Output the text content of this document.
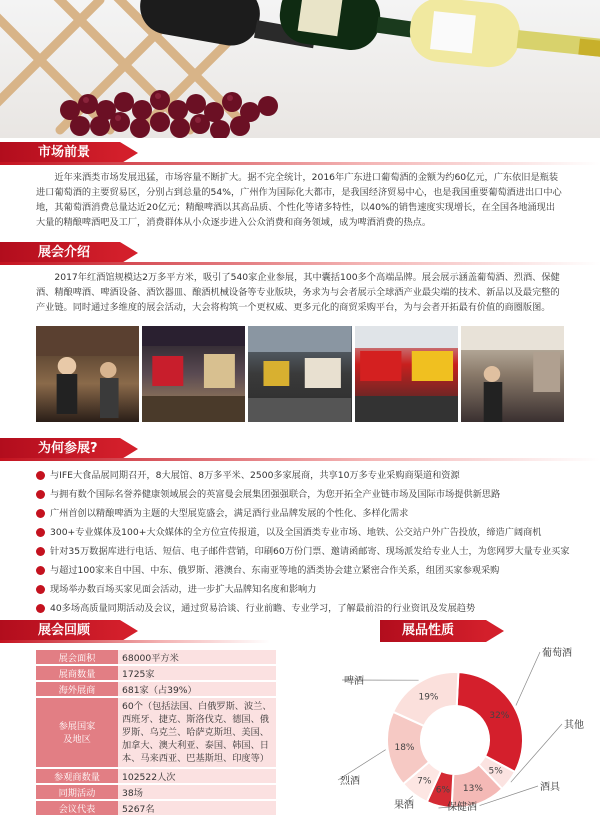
市场前景

近年来酒类市场发展迅猛，市场容量不断扩大。据不完全统计，2016年广东进口葡萄酒的金额为约60亿元，广东依旧是瓶装进口葡萄酒的主要贸易区，分别占到总量的54%，广州作为国际化大都市，是我国经济贸易中心，也是我国重要葡萄酒进出口中心地，其葡萄酒消费总量达近20亿元；精酿啤酒以其高品质、个性化等诸多特性，以40%的销售速度实现增长，在全国各地涌现出大量的精酿啤酒吧及工厂，消费群体从小众逐步进入公众消费和商务领域，成为啤酒消费的热点。

展会介绍

2017年红酒馆规模达2万多平方米，吸引了540家企业参展，其中囊括100多个高端品牌。展会展示涵盖葡萄酒、烈酒、保健酒、精酿啤酒、啤酒设备、酒饮器皿、酿酒机械设备等专业版块，务求为与会者展示全球酒产业最尖端的技术、新品以及最完整的产业链。同时通过多维度的展会活动，大会将构筑一个更权威、更多元化的商贸采购平台，为与会者开拓最有价值的商圈版图。

为何参展?
与IFE大食品展同期召开，8大展馆、8万多平米、2500多家展商，共享10万多专业采购商渠道和资源
与拥有数个国际名誉养健康领域展会的英富曼会展集团强强联合，为您开拓全产业链市场及国际市场提供新思路
广州首创以精酿啤酒为主题的大型展览盛会，满足酒行业品牌发展的个性化、多样化需求
300+专业媒体及100+大众媒体的全方位宣传报道，以及全国酒类专业市场、地铁、公交站户外广告投放，缔造广阔商机
针对35万数据库进行电话、短信、电子邮件营销，印刷60万份门票、邀请函邮寄、现场派发给专业人士，为您网罗大量专业买家
与超过100家来自中国、中东、俄罗斯、港澳台、东南亚等地的酒类协会建立紧密合作关系，组团买家参观采购
现场举办数百场买家见面会活动，进一步扩大品牌知名度和影响力
40多场高质量同期活动及会议，通过贸易洽谈、行业前瞻、专业学习，了解最前沿的行业资讯及发展趋势
展会回顾
展会面积	68000平方米
展商数量	1725家
海外展商	681家（占39%）
参展国家
及地区	60个（包括法国、白俄罗斯、波兰、西班牙、捷克、斯洛伐克、德国、俄罗斯、乌克兰、哈萨克斯坦、美国、加拿大、澳大利亚、泰国、韩国、日本、马来西亚、巴基斯坦、印度等）
参观商数量	102522人次
同期活动	38场
会议代表	5267名
展品性质
32%
葡萄酒
5%
其他
13%	酒具
6%
保健酒
7%
果酒
18%
烈酒
19%
啤酒
